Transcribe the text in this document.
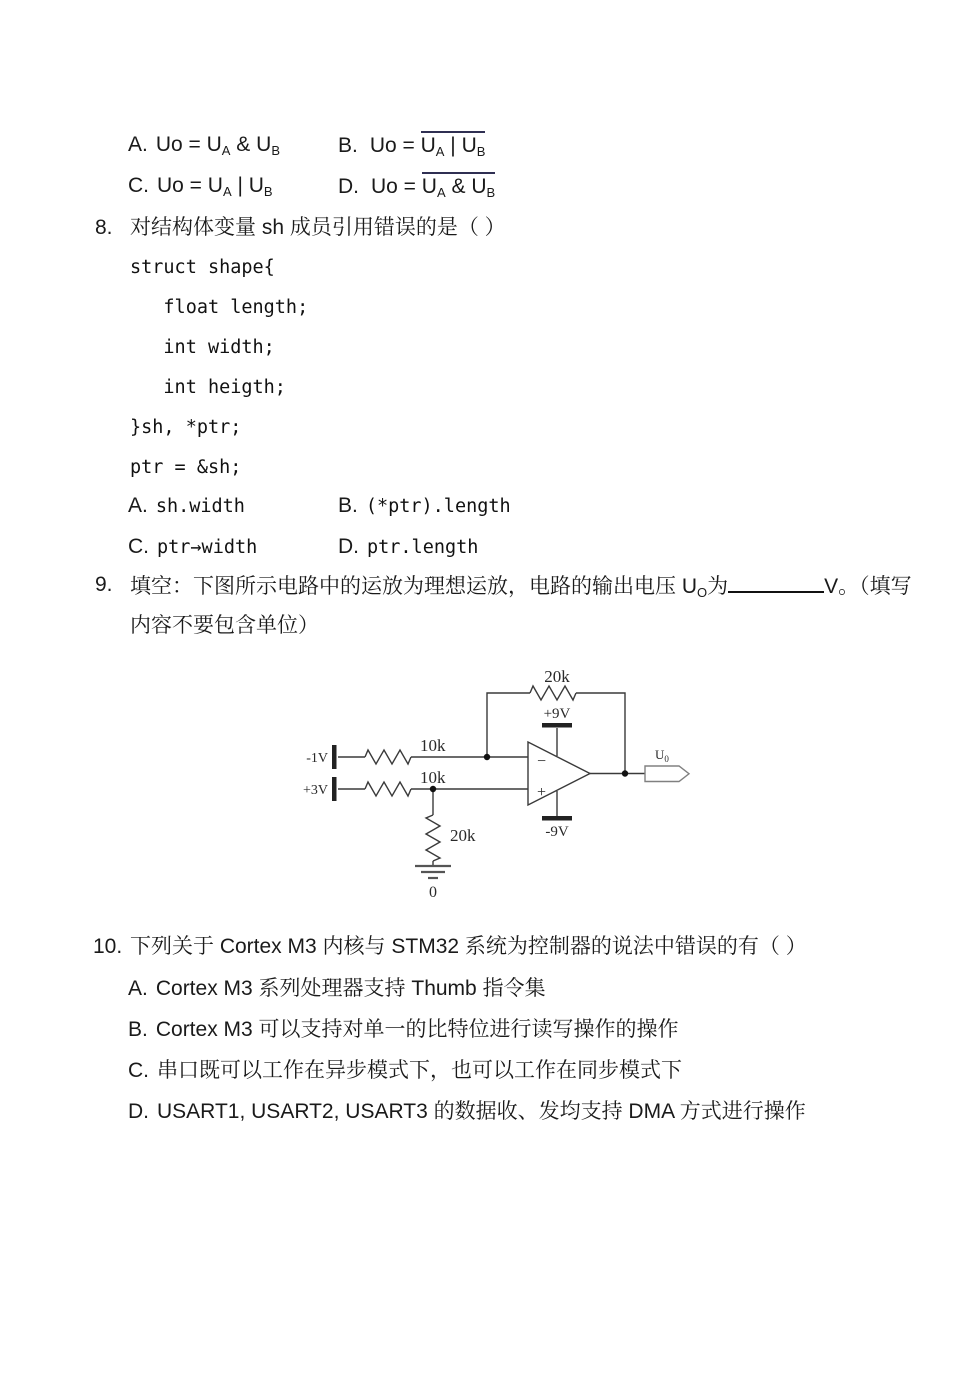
A. Uo = UA & UB	B. Uo = UA | UB
C. Uo = UA | UB	D. Uo = UA & UB
8. 对结构体变量 sh 成员引用错误的是（ ）

struct shape{

float length;

int width;

int heigth;

}sh, *ptr;

ptr = &sh;

A. sh.width	B. (*ptr).length
C. ptr→width	D. ptr.length
9. 填空：下图所示电路中的运放为理想运放，电路的输出电压 UO为	V。（填写
内容不要包含单位）
20k
+9V
-9V
10k
10k
20k
-1V
+3V
0
−
+
$U_0$
10. 下列关于 Cortex M3 内核与 STM32 系统为控制器的说法中错误的有（ ）
A. Cortex M3 系列处理器支持 Thumb 指令集
B. Cortex M3 可以支持对单一的比特位进行读写操作的操作
C. 串口既可以工作在异步模式下，也可以工作在同步模式下
D. USART1, USART2, USART3 的数据收、发均支持 DMA 方式进行操作
